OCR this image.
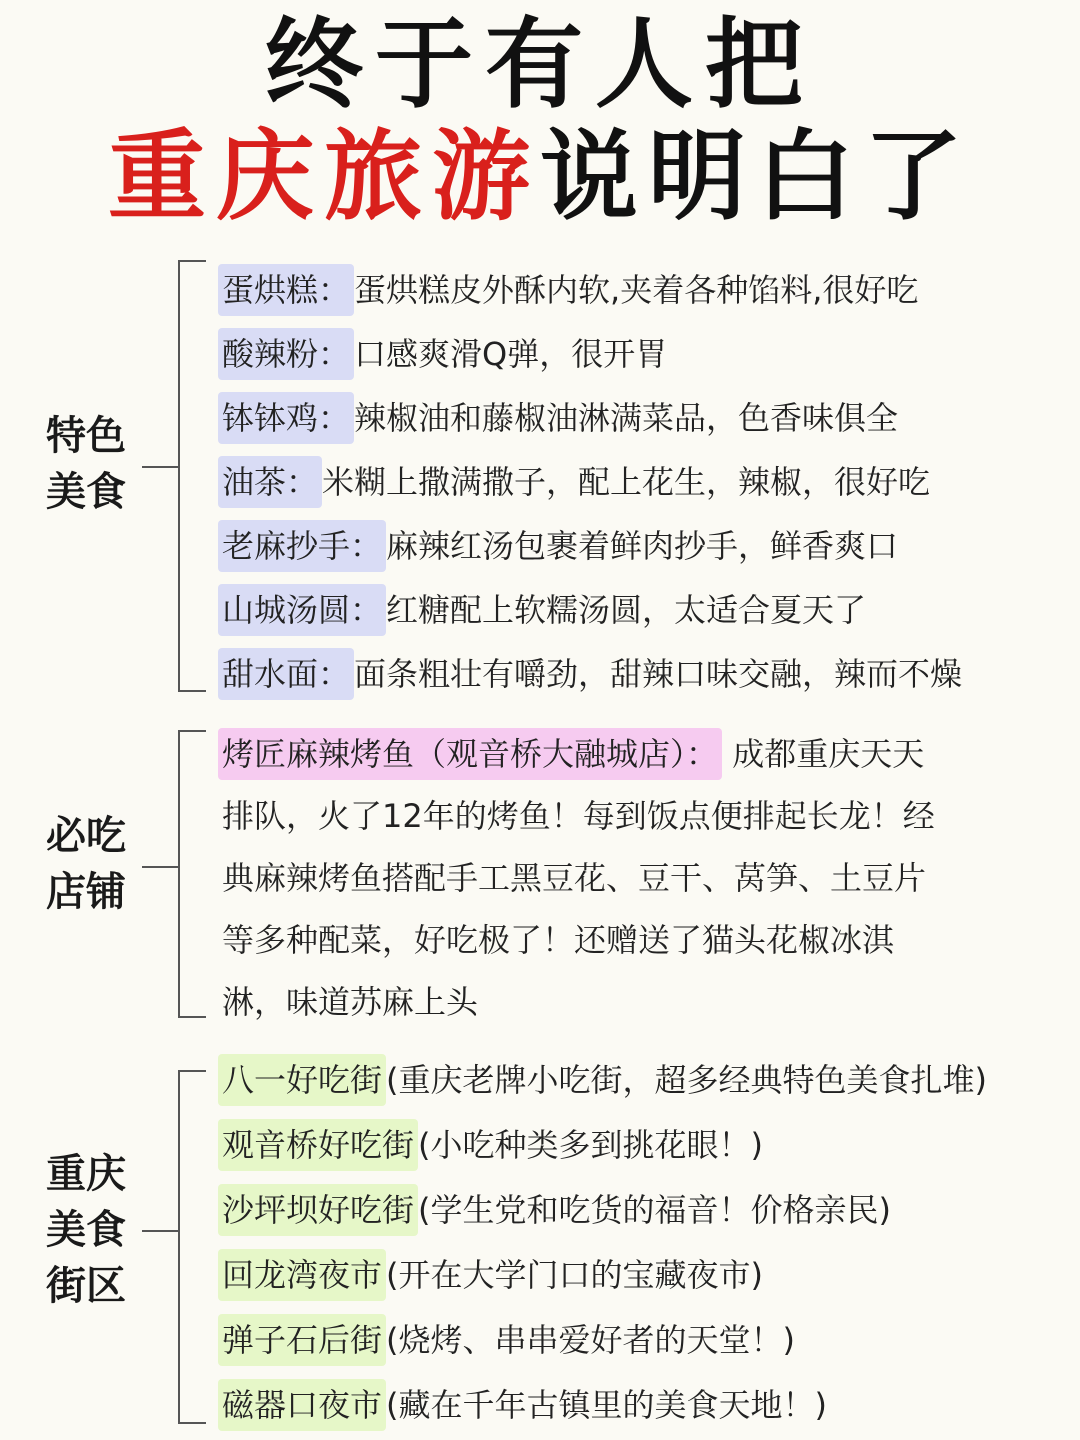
终于有人把
重庆旅游说明白了
特色
美食
蛋烘糕： 蛋烘糕皮外酥内软,夹着各种馅料,很好吃
酸辣粉： 口感爽滑Q弹，很开胃
钵钵鸡： 辣椒油和藤椒油淋满菜品，色香味俱全
油茶： 米糊上撒满撒子，配上花生，辣椒，很好吃
老麻抄手： 麻辣红汤包裹着鲜肉抄手，鲜香爽口
山城汤圆： 红糖配上软糯汤圆，太适合夏天了
甜水面： 面条粗壮有嚼劲，甜辣口味交融，辣而不燥
必吃
店铺
烤匠麻辣烤鱼（观音桥大融城店）： 成都重庆天天
排队，火了12年的烤鱼！每到饭点便排起长龙！经
典麻辣烤鱼搭配手工黑豆花、豆干、莴笋、土豆片
等多种配菜，好吃极了！还赠送了猫头花椒冰淇
淋，味道苏麻上头
重庆
美食
街区
八一好吃街 (重庆老牌小吃街，超多经典特色美食扎堆)
观音桥好吃街 (小吃种类多到挑花眼！)
沙坪坝好吃街 (学生党和吃货的福音！价格亲民)
回龙湾夜市 (开在大学门口的宝藏夜市)
弹子石后街 (烧烤、串串爱好者的天堂！)
磁器口夜市 (藏在千年古镇里的美食天地！)
